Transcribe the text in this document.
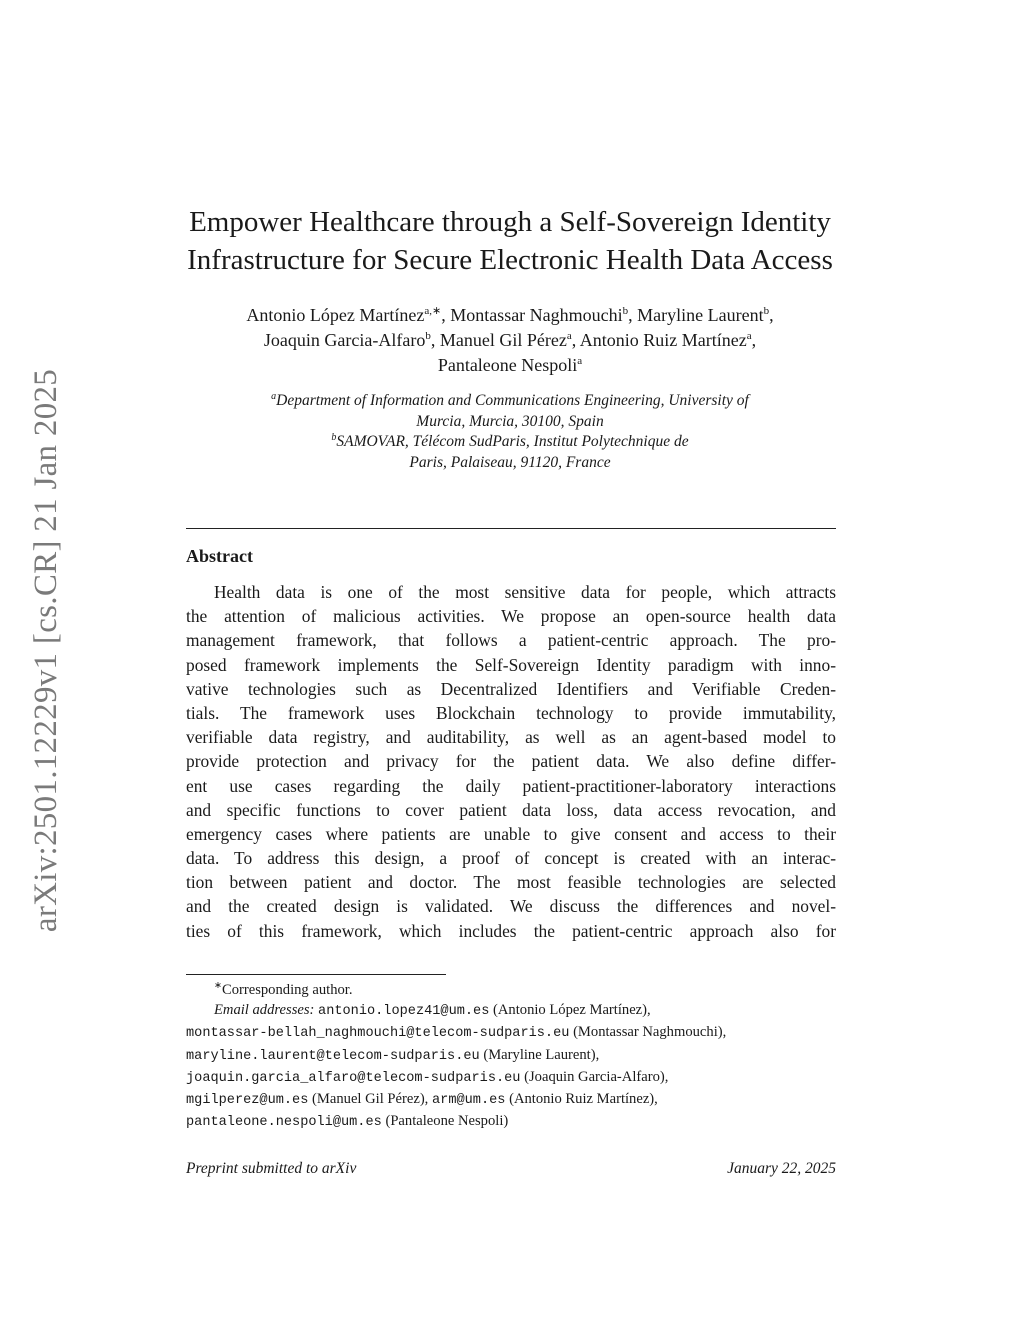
arXiv:2501.12229v1 [cs.CR] 21 Jan 2025
Empower Healthcare through a Self-Sovereign Identity
Infrastructure for Secure Electronic Health Data Access
Antonio López Martínez$^{a,∗}$, Montassar Naghmouchi$^b$, Maryline Laurent$^b$,
Joaquin Garcia-Alfaro$^b$, Manuel Gil Pérez$^a$, Antonio Ruiz Martínez$^a$,
Pantaleone Nespoli$^a$
$^a$Department of Information and Communications Engineering, University of
Murcia, Murcia, 30100, Spain
$^b$SAMOVAR, Télécom SudParis, Institut Polytechnique de
Paris, Palaiseau, 91120, France
Abstract
Health data is one of the most sensitive data for people, which attracts
the attention of malicious activities. We propose an open-source health data
management framework, that follows a patient-centric approach. The pro-
posed framework implements the Self-Sovereign Identity paradigm with inno-
vative technologies such as Decentralized Identifiers and Verifiable Creden-
tials. The framework uses Blockchain technology to provide immutability,
verifiable data registry, and auditability, as well as an agent-based model to
provide protection and privacy for the patient data. We also define differ-
ent use cases regarding the daily patient-practitioner-laboratory interactions
and specific functions to cover patient data loss, data access revocation, and
emergency cases where patients are unable to give consent and access to their
data. To address this design, a proof of concept is created with an interac-
tion between patient and doctor. The most feasible technologies are selected
and the created design is validated. We discuss the differences and novel-
ties of this framework, which includes the patient-centric approach also for
∗Corresponding author.
Email addresses: antonio.lopez41@um.es (Antonio López Martínez),
montassar-bellah_naghmouchi@telecom-sudparis.eu (Montassar Naghmouchi),
maryline.laurent@telecom-sudparis.eu (Maryline Laurent),
joaquin.garcia_alfaro@telecom-sudparis.eu (Joaquin Garcia-Alfaro),
mgilperez@um.es (Manuel Gil Pérez), arm@um.es (Antonio Ruiz Martínez),
pantaleone.nespoli@um.es (Pantaleone Nespoli)
Preprint submitted to arXiv	January 22, 2025
